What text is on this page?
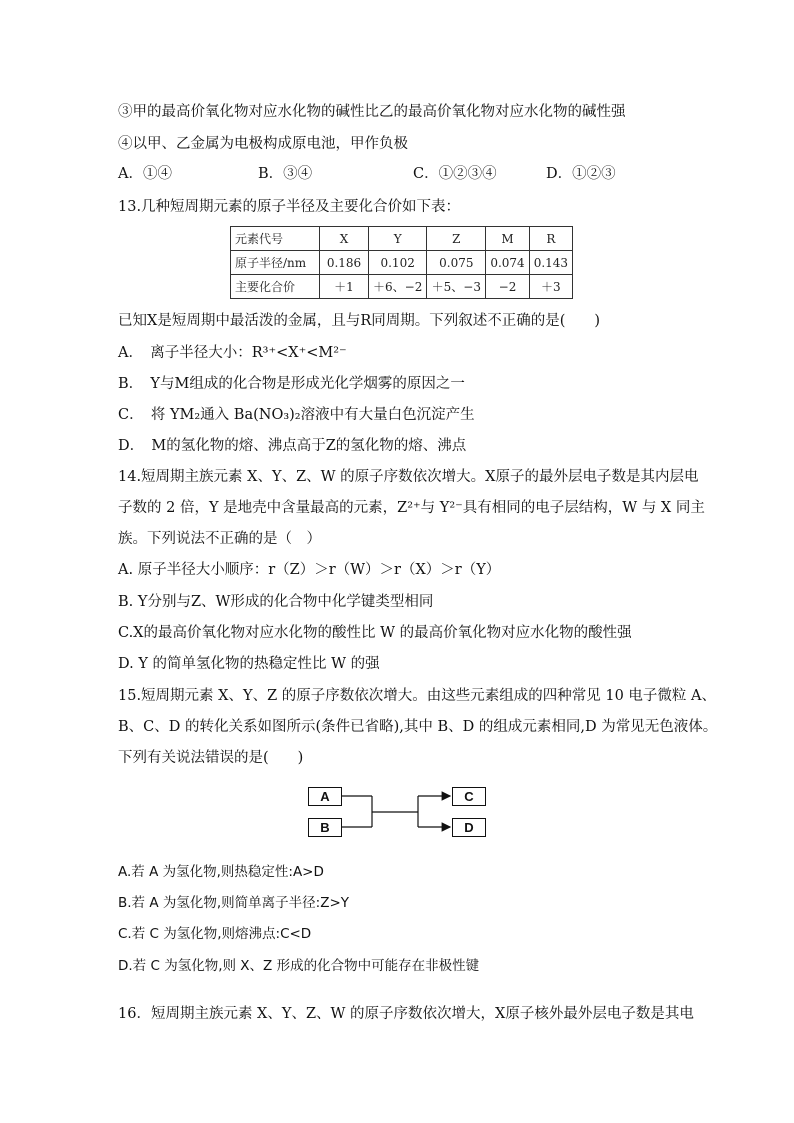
③甲的最高价氧化物对应水化物的碱性比乙的最高价氧化物对应水化物的碱性强
④以甲、乙金属为电极构成原电池，甲作负极
A．①④	B．③④	C．①②③④	D．①②③
13.几种短周期元素的原子半径及主要化合价如下表：
元素代号	X	Y	Z	M	R
原子半径/nm	0.186	0.102	0.075	0.074	0.143
主要化合价	＋1	＋6、−2	＋5、−3	−2	＋3
已知X是短周期中最活泼的金属，且与R同周期。下列叙述不正确的是(　　)
A．　离子半径大小：R³⁺<X⁺<M²⁻
B．　Y与M组成的化合物是形成光化学烟雾的原因之一
C．　将 YM₂通入 Ba(NO₃)₂溶液中有大量白色沉淀产生
D．　M的氢化物的熔、沸点高于Z的氢化物的熔、沸点
14.短周期主族元素 X、Y、Z、W 的原子序数依次增大。X原子的最外层电子数是其内层电
子数的 2 倍，Y 是地壳中含量最高的元素，Z²⁺与 Y²⁻具有相同的电子层结构，W 与 X 同主
族。下列说法不正确的是（　）
A. 原子半径大小顺序：r（Z）＞r（W）＞r（X）＞r（Y）
B. Y分别与Z、W形成的化合物中化学键类型相同
C.X的最高价氧化物对应水化物的酸性比 W 的最高价氧化物对应水化物的酸性强
D. Y 的简单氢化物的热稳定性比 W 的强
15.短周期元素 X、Y、Z 的原子序数依次增大。由这些元素组成的四种常见 10 电子微粒 A、
B、C、D 的转化关系如图所示(条件已省略),其中 B、D 的组成元素相同,D 为常见无色液体。
下列有关说法错误的是(　　)
A
B
C
D
A.若 A 为氢化物,则热稳定性:A>D
B.若 A 为氢化物,则简单离子半径:Z>Y
C.若 C 为氢化物,则熔沸点:C<D
D.若 C 为氢化物,则 X、Z 形成的化合物中可能存在非极性键
16．短周期主族元素 X、Y、Z、W 的原子序数依次增大，X原子核外最外层电子数是其电
